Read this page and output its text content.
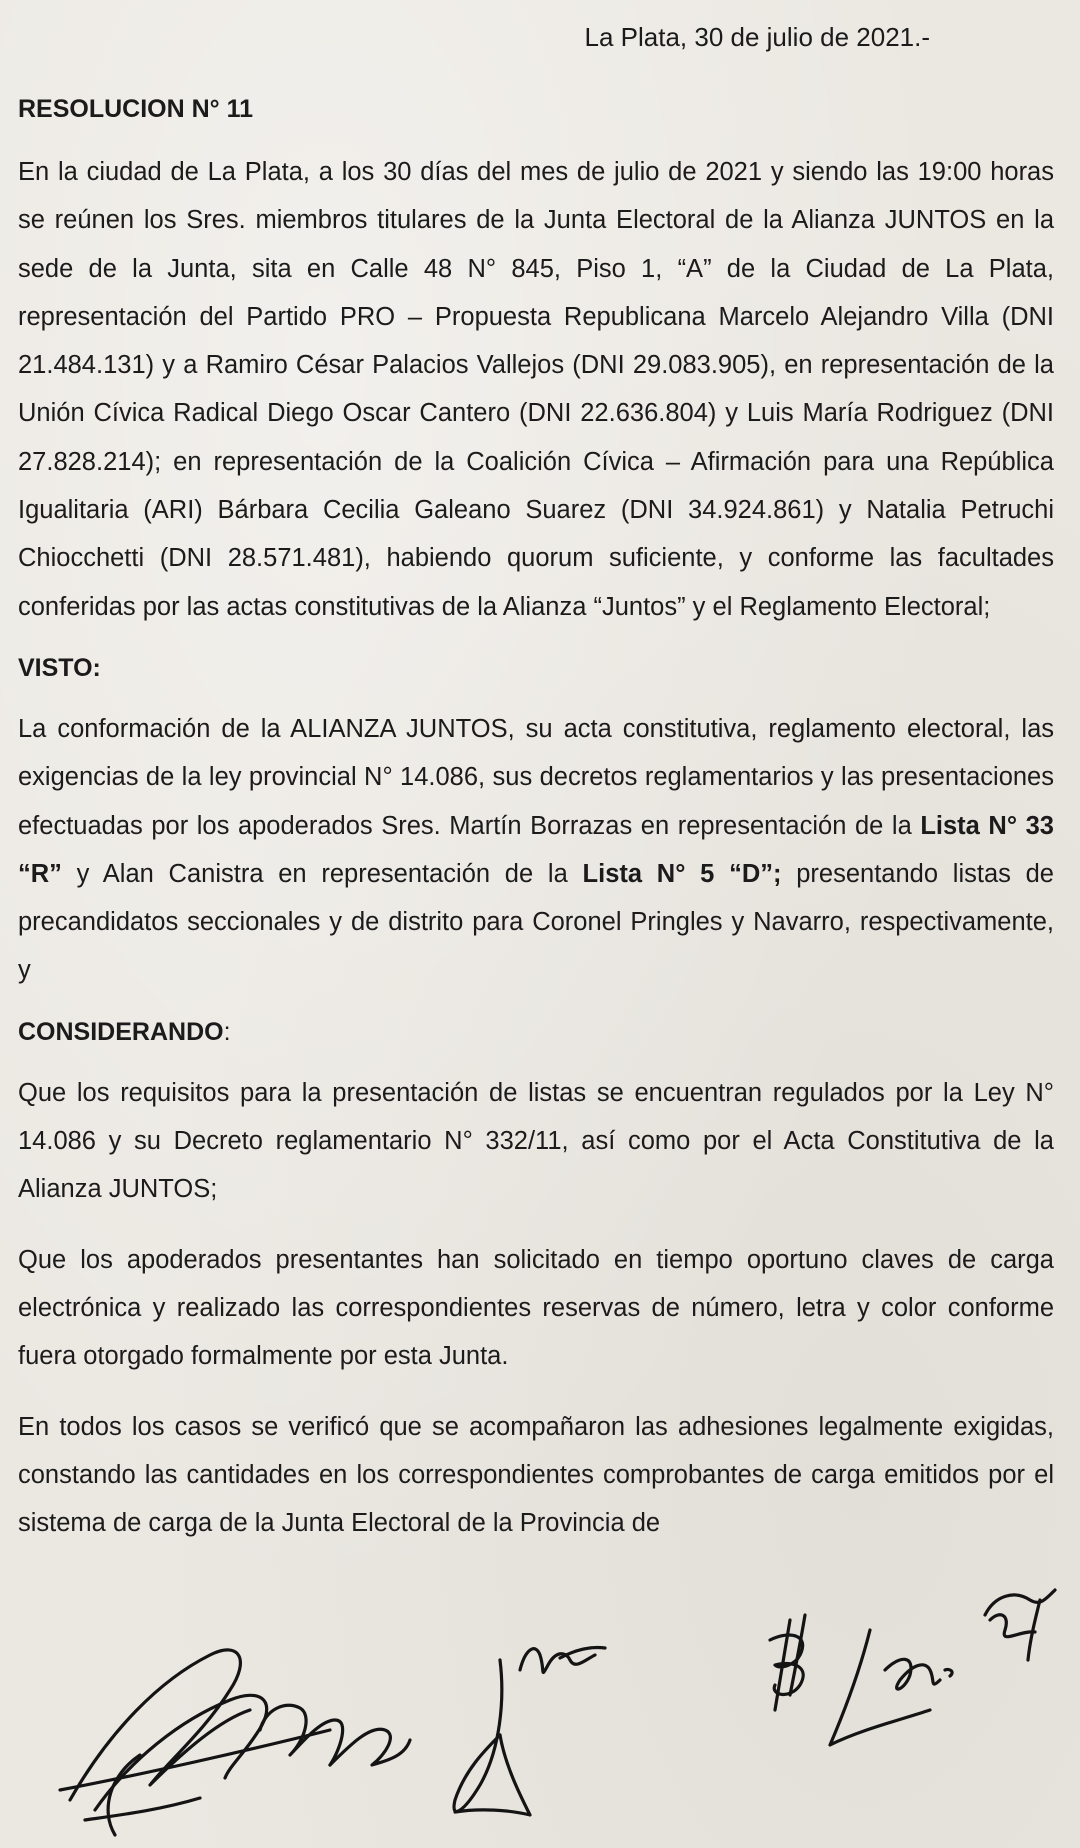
La Plata, 30 de julio de 2021.-
RESOLUCION N° 11

En la ciudad de La Plata, a los 30 días del mes de julio de 2021 y siendo las 19:00 horas se reúnen los Sres. miembros titulares de la Junta Electoral de la Alianza JUNTOS en la sede de la Junta, sita en Calle 48 N° 845, Piso 1, “A” de la Ciudad de La Plata, representación del Partido PRO – Propuesta Republicana Marcelo Alejandro Villa (DNI 21.484.131) y a Ramiro César Palacios Vallejos (DNI 29.083.905), en representación de la Unión Cívica Radical Diego Oscar Cantero (DNI 22.636.804) y Luis María Rodriguez (DNI 27.828.214); en representación de la Coalición Cívica – Afirmación para una República Igualitaria (ARI) Bárbara Cecilia Galeano Suarez (DNI 34.924.861) y Natalia Petruchi Chiocchetti (DNI 28.571.481), habiendo quorum suficiente, y conforme las facultades conferidas por las actas constitutivas de la Alianza “Juntos” y el Reglamento Electoral;

VISTO:

La conformación de la ALIANZA JUNTOS, su acta constitutiva, reglamento electoral, las exigencias de la ley provincial N° 14.086, sus decretos reglamentarios y las presentaciones efectuadas por los apoderados Sres. Martín Borrazas en representación de la Lista N° 33 “R” y Alan Canistra en representación de la Lista N° 5 “D”; presentando listas de precandidatos seccionales y de distrito para Coronel Pringles y Navarro, respectivamente, y

CONSIDERANDO:

Que los requisitos para la presentación de listas se encuentran regulados por la Ley N° 14.086 y su Decreto reglamentario N° 332/11, así como por el Acta Constitutiva de la Alianza JUNTOS;

Que los apoderados presentantes han solicitado en tiempo oportuno claves de carga electrónica y realizado las correspondientes reservas de número, letra y color conforme fuera otorgado formalmente por esta Junta.

En todos los casos se verificó que se acompañaron las adhesiones legalmente exigidas, constando las cantidades en los correspondientes comprobantes de carga emitidos por el sistema de carga de la Junta Electoral de la Provincia de
